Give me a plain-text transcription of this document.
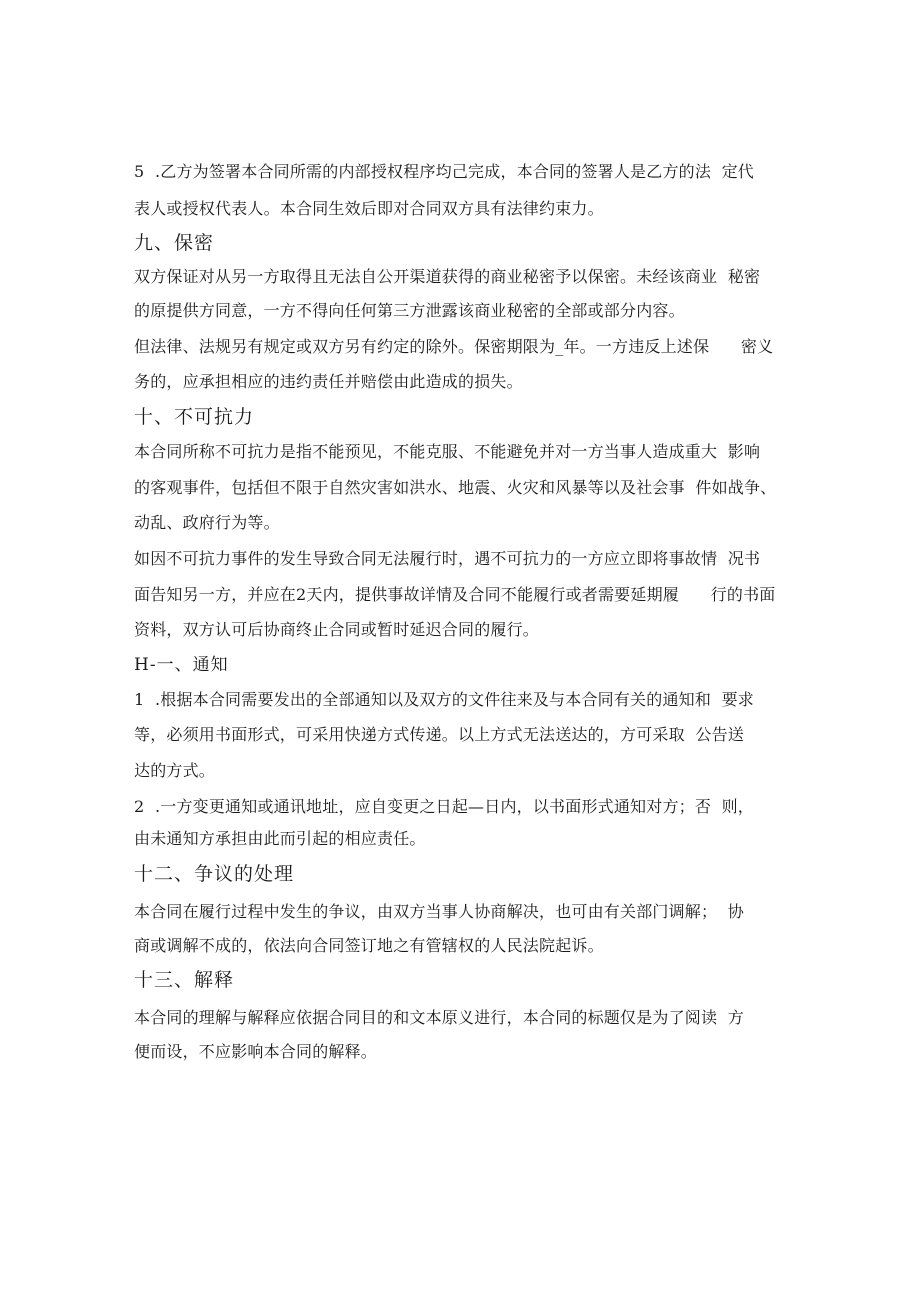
5  .乙方为签署本合同所需的内部授权程序均己完成，本合同的签署人是乙方的法  定代
表人或授权代表人。本合同生效后即对合同双方具有法律约束力。
九、保密
双方保证对从另一方取得且无法自公开渠道获得的商业秘密予以保密。未经该商业  秘密
的原提供方同意，一方不得向任何第三方泄露该商业秘密的全部或部分内容。
但法律、法规另有规定或双方另有约定的除外。保密期限为_年。一方违反上述保      密义
务的，应承担相应的违约责任并赔偿由此造成的损失。
十、不可抗力
本合同所称不可抗力是指不能预见，不能克服、不能避免并对一方当事人造成重大  影响
的客观事件，包括但不限于自然灾害如洪水、地震、火灾和风暴等以及社会事  件如战争、
动乱、政府行为等。
如因不可抗力事件的发生导致合同无法履行时，遇不可抗力的一方应立即将事故情  况书
面告知另一方，并应在2天内，提供事故详情及合同不能履行或者需要延期履      行的书面
资料，双方认可后协商终止合同或暂时延迟合同的履行。
H-一、通知
1  .根据本合同需要发出的全部通知以及双方的文件往来及与本合同有关的通知和  要求
等，必须用书面形式，可采用快递方式传递。以上方式无法送达的，方可采取  公告送
达的方式。
2  .一方变更通知或通讯地址，应自变更之日起—日内，以书面形式通知对方；否  则，
由未通知方承担由此而引起的相应责任。
十二、争议的处理
本合同在履行过程中发生的争议，由双方当事人协商解决，也可由有关部门调解；  协
商或调解不成的，依法向合同签订地之有管辖权的人民法院起诉。
十三、解释
本合同的理解与解释应依据合同目的和文本原义进行，本合同的标题仅是为了阅读  方
便而设，不应影响本合同的解释。
